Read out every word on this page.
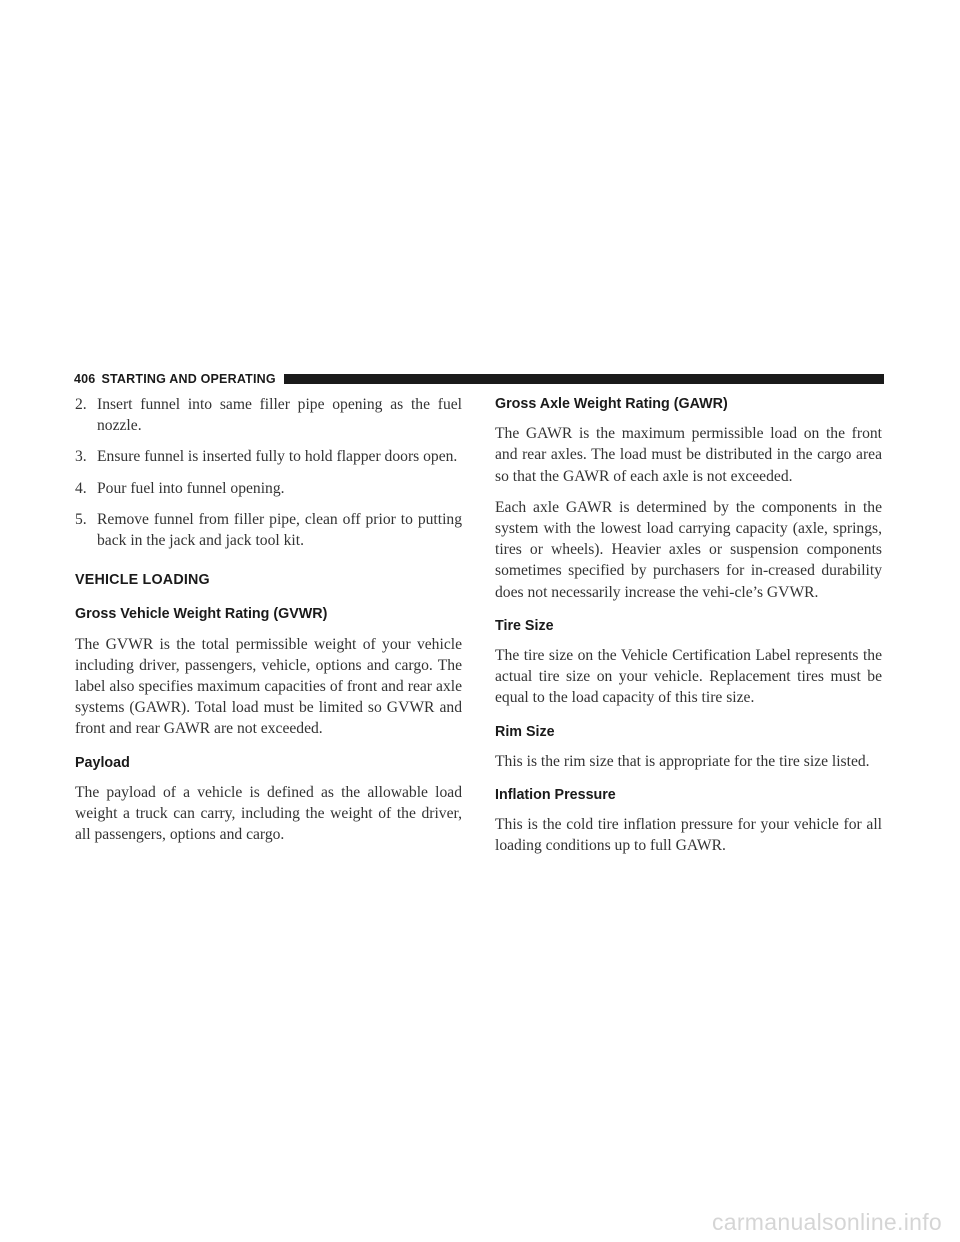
406 STARTING AND OPERATING
2. Insert funnel into same filler pipe opening as the fuel nozzle.
3. Ensure funnel is inserted fully to hold flapper doors open.
4. Pour fuel into funnel opening.
5. Remove funnel from filler pipe, clean off prior to putting back in the jack and jack tool kit.
VEHICLE LOADING
Gross Vehicle Weight Rating (GVWR)

The GVWR is the total permissible weight of your vehicle including driver, passengers, vehicle, options and cargo. The label also specifies maximum capacities of front and rear axle systems (GAWR). Total load must be limited so GVWR and front and rear GAWR are not exceeded.

Payload

The payload of a vehicle is defined as the allowable load weight a truck can carry, including the weight of the driver, all passengers, options and cargo.

Gross Axle Weight Rating (GAWR)

The GAWR is the maximum permissible load on the front and rear axles. The load must be distributed in the cargo area so that the GAWR of each axle is not exceeded.

Each axle GAWR is determined by the components in the system with the lowest load carrying capacity (axle, springs, tires or wheels). Heavier axles or suspension components sometimes specified by purchasers for in-creased durability does not necessarily increase the vehi-cle’s GVWR.

Tire Size

The tire size on the Vehicle Certification Label represents the actual tire size on your vehicle. Replacement tires must be equal to the load capacity of this tire size.

Rim Size

This is the rim size that is appropriate for the tire size listed.

Inflation Pressure

This is the cold tire inflation pressure for your vehicle for all loading conditions up to full GAWR.

carmanualsonline.info
